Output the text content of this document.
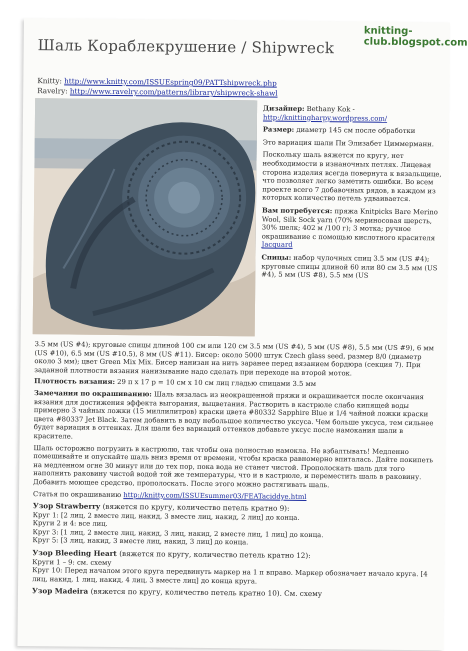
knitting-club.blogspot.com
Шаль Кораблекрушение / Shipwreck
Knitty: http://www.knitty.com/ISSUEspring09/PATTshipwreck.php
Ravelry: http://www.ravelry.com/patterns/library/shipwreck-shawl

Дизайнер: Bethany Kok - http://knittingharpy.wordpress.com/

Размер: диаметр 145 см после обработки

Это вариация шали Пи Элизабет Циммерманн.

Поскольку шаль вяжется по кругу, нет необходимости в изнаночных петлях. Лицевая сторона изделия всегда повернута к вязальщице, что позволяет легко заметить ошибки. Во всем проекте всего 7 добавочных рядов, в каждом из которых количество петель удваивается.

Вам потребуется: пряжа Knitpicks Bare Merino Wool, Silk Sock yarn (70% мериносовая шерсть, 30% шелк; 402 м /100 г); 3 мотка; ручное окрашивание с помощью кислотного красителя Jacquard

Спицы: набор чулочных спиц 3.5 мм (US #4); круговые спицы длиной 60 или 80 см 3.5 мм (US #4), 5 мм (US #8), 5.5 мм (US

3.5 мм (US #4); круговые спицы длиной 100 см или 120 см 3.5 мм (US #4), 5 мм (US #8), 5.5 мм (US #9), 6 мм (US #10), 6.5 мм (US #10.5), 8 мм (US #11). Бисер: около 5000 штук Czech glass seed, размер 8/0 (диаметр около 3 мм); цвет Green Mix Mix. Бисер нанизан на нить заранее перед вязанием бордюра (секция 7). При заданной плотности вязания нанизывание надо сделать при переходе на второй моток.

Плотность вязания: 29 п x 17 р = 10 см x 10 см лиц гладью спицами 3.5 мм

Замечания по окрашиванию: Шаль вязалась из неокрашенной пряжи и окрашивается после окончания вязания для достижения эффекта выгорания, выцветания. Растворить в кастрюле слабо кипящей воды примерно 3 чайных ложки (15 миллилитров) краски цвета #80332 Sapphire Blue и 1/4 чайной ложки краски цвета #80337 Jet Black. Затем добавить в воду небольшое количество уксуса. Чем больше уксуса, тем сильнее будет вариация в оттенках. Для шали без вариаций оттенков добавьте уксус после намокания шали в красителе.

Шаль осторожно погрузить в кастрюлю, так чтобы она полностью намокла. Не взбалтывать! Медленно помешивайте и опускайте шаль вниз время от времени, чтобы краска равномерно впиталась. Дайте покипеть на медленном огне 30 минут или до тех пор, пока вода не станет чистой. Прополоскать шаль для того наполнить раковину чистой водой той же температуры, что и в кастрюле, и переместить шаль в раковину. Добавить моющее средство, прополоскать. После этого можно растягивать шаль.

Статья по окрашиванию http://knitty.com/ISSUEsummer03/FEATaciddye.html

Узор Strawberry (вяжется по кругу, количество петель кратно 9):
Круг 1: [2 лиц, 2 вместе лиц, накид, 3 вместе лиц, накид, 2 лиц] до конца.
Круги 2 и 4: все лиц.
Круг 3: [1 лиц, 2 вместе лиц, накид, 3 лиц, накид, 2 вместе лиц, 1 лиц] до конца.
Круг 5: [3 лиц, накид, 3 вместе лиц, накид, 3 лиц] до конца.
Узор Bleeding Heart (вяжется по кругу, количество петель кратно 12):
Круги 1 – 9: см. схему
Круг 10: Перед началом этого круга передвинуть маркер на 1 п вправо. Маркер обозначает начало круга. [4 лиц, накид, 1 лиц, накид, 4 лиц, 3 вместе лиц] до конца круга.
Узор Madeira (вяжется по кругу, количество петель кратно 10). См. схему
